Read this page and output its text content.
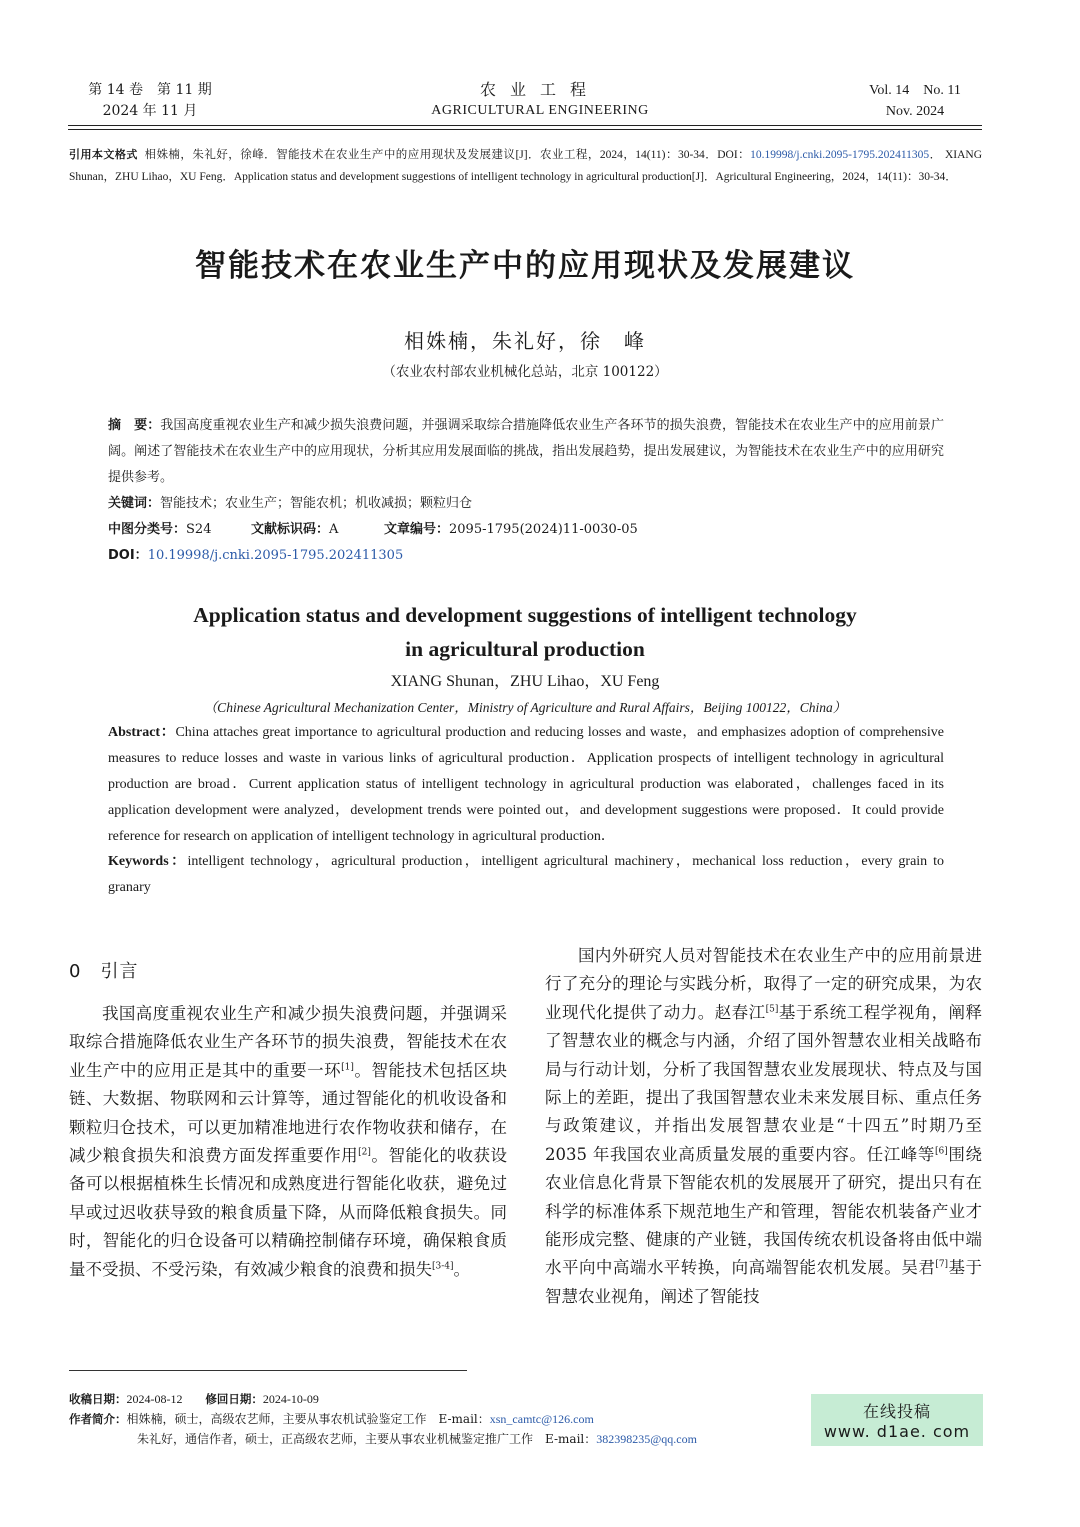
第 14 卷　第 11 期
2024 年 11 月
农业工程
AGRICULTURAL ENGINEERING
Vol. 14　No. 11
Nov. 2024
引用本文格式 相姝楠，朱礼好，徐峰．智能技术在农业生产中的应用现状及发展建议[J]．农业工程，2024，14(11)：30-34．DOI：10.19998/j.cnki.2095-1795.202411305． XIANG Shunan，ZHU Lihao，XU Feng．Application status and development suggestions of intelligent technology in agricultural production[J]．Agricultural Engineering，2024，14(11)：30-34．
智能技术在农业生产中的应用现状及发展建议
相姝楠，朱礼好，徐　峰
（农业农村部农业机械化总站，北京 100122）
摘　要：我国高度重视农业生产和减少损失浪费问题，并强调采取综合措施降低农业生产各环节的损失浪费，智能技术在农业生产中的应用前景广阔。阐述了智能技术在农业生产中的应用现状，分析其应用发展面临的挑战，指出发展趋势，提出发展建议，为智能技术在农业生产中的应用研究提供参考。
关键词：智能技术；农业生产；智能农机；机收减损；颗粒归仓
中图分类号：S24	文献标识码：A	文章编号：2095-1795(2024)11-0030-05
DOI：10.19998/j.cnki.2095-1795.202411305
Application status and development suggestions of intelligent technology
in agricultural production
XIANG Shunan，ZHU Lihao，XU Feng
（Chinese Agricultural Mechanization Center，Ministry of Agriculture and Rural Affairs，Beijing 100122，China）
Abstract：China attaches great importance to agricultural production and reducing losses and waste，and emphasizes adoption of comprehensive measures to reduce losses and waste in various links of agricultural production．Application prospects of intelligent technology in agricultural production are broad．Current application status of intelligent technology in agricultural production was elaborated，challenges faced in its application development were analyzed，development trends were pointed out，and development suggestions were proposed．It could provide reference for research on application of intelligent technology in agricultural production．
Keywords：intelligent technology，agricultural production，intelligent agricultural machinery，mechanical loss reduction，every grain to granary
0　引言

我国高度重视农业生产和减少损失浪费问题，并强调采取综合措施降低农业生产各环节的损失浪费，智能技术在农业生产中的应用正是其中的重要一环[1]。智能技术包括区块链、大数据、物联网和云计算等，通过智能化的机收设备和颗粒归仓技术，可以更加精准地进行农作物收获和储存，在减少粮食损失和浪费方面发挥重要作用[2]。智能化的收获设备可以根据植株生长情况和成熟度进行智能化收获，避免过早或过迟收获导致的粮食质量下降，从而降低粮食损失。同时，智能化的归仓设备可以精确控制储存环境，确保粮食质量不受损、不受污染，有效减少粮食的浪费和损失[3-4]。

国内外研究人员对智能技术在农业生产中的应用前景进行了充分的理论与实践分析，取得了一定的研究成果，为农业现代化提供了动力。赵春江[5]基于系统工程学视角，阐释了智慧农业的概念与内涵，介绍了国外智慧农业相关战略布局与行动计划，分析了我国智慧农业发展现状、特点及与国际上的差距，提出了我国智慧农业未来发展目标、重点任务与政策建议，并指出发展智慧农业是“十四五”时期乃至 2035 年我国农业高质量发展的重要内容。任江峰等[6]围绕农业信息化背景下智能农机的发展展开了研究，提出只有在科学的标准体系下规范地生产和管理，智能农机装备产业才能形成完整、健康的产业链，我国传统农机设备将由低中端水平向中高端水平转换，向高端智能农机发展。吴君[7]基于智慧农业视角，阐述了智能技

收稿日期：2024-08-12 修回日期：2024-10-09
作者简介：相姝楠，硕士，高级农艺师，主要从事农机试验鉴定工作　E-mail：xsn_camtc@126.com
朱礼好，通信作者，硕士，正高级农艺师，主要从事农业机械鉴定推广工作　E-mail：382398235@qq.com
在线投稿
www. d1ae. com
